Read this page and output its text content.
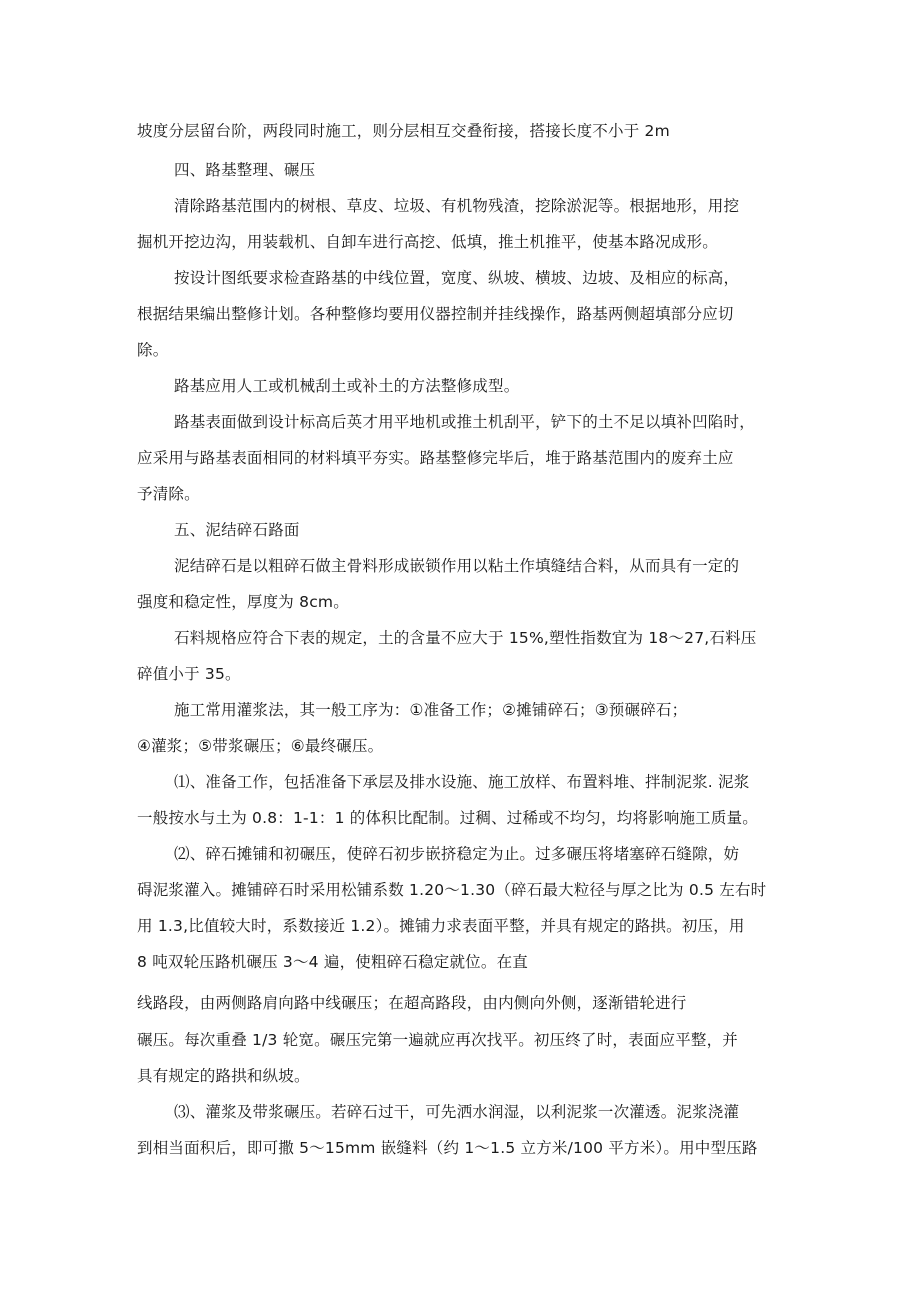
坡度分层留台阶，两段同时施工，则分层相互交叠衔接，搭接长度不小于 2m
四、路基整理、碾压
清除路基范围内的树根、草皮、垃圾、有机物残渣，挖除淤泥等。根据地形，用挖
掘机开挖边沟，用装载机、自卸车进行高挖、低填，推土机推平，使基本路况成形。
按设计图纸要求检查路基的中线位置，宽度、纵坡、横坡、边坡、及相应的标高，
根据结果编出整修计划。各种整修均要用仪器控制并挂线操作，路基两侧超填部分应切
除。
路基应用人工或机械刮土或补土的方法整修成型。
路基表面做到设计标高后英才用平地机或推土机刮平，铲下的土不足以填补凹陷时，
应采用与路基表面相同的材料填平夯实。路基整修完毕后，堆于路基范围内的废弃土应
予清除。
五、泥结碎石路面
泥结碎石是以粗碎石做主骨料形成嵌锁作用以粘土作填缝结合料，从而具有一定的
强度和稳定性，厚度为 8cm。
石料规格应符合下表的规定，土的含量不应大于 15%,塑性指数宜为 18〜27,石料压
碎值小于 35。
施工常用灌浆法，其一般工序为：①准备工作；②摊铺碎石；③预碾碎石；
④灌浆；⑤带浆碾压；⑥最终碾压。
⑴、准备工作，包括准备下承层及排水设施、施工放样、布置料堆、拌制泥浆. 泥浆
一般按水与土为 0.8：1-1：1 的体积比配制。过稠、过稀或不均匀，均将影响施工质量。
⑵、碎石摊铺和初碾压，使碎石初步嵌挤稳定为止。过多碾压将堵塞碎石缝隙，妨
碍泥浆灌入。摊铺碎石时采用松铺系数 1.20〜1.30（碎石最大粒径与厚之比为 0.5 左右时
用 1.3,比值较大时，系数接近 1.2）。摊铺力求表面平整，并具有规定的路拱。初压，用
8 吨双轮压路机碾压 3〜4 遍，使粗碎石稳定就位。在直
线路段，由两侧路肩向路中线碾压；在超高路段，由内侧向外侧，逐渐错轮进行
碾压。每次重叠 1/3 轮宽。碾压完第一遍就应再次找平。初压终了时，表面应平整，并
具有规定的路拱和纵坡。
⑶、灌浆及带浆碾压。若碎石过干，可先洒水润湿，以利泥浆一次灌透。泥浆浇灌
到相当面积后，即可撒 5〜15mm 嵌缝料（约 1〜1.5 立方米/100 平方米）。用中型压路
